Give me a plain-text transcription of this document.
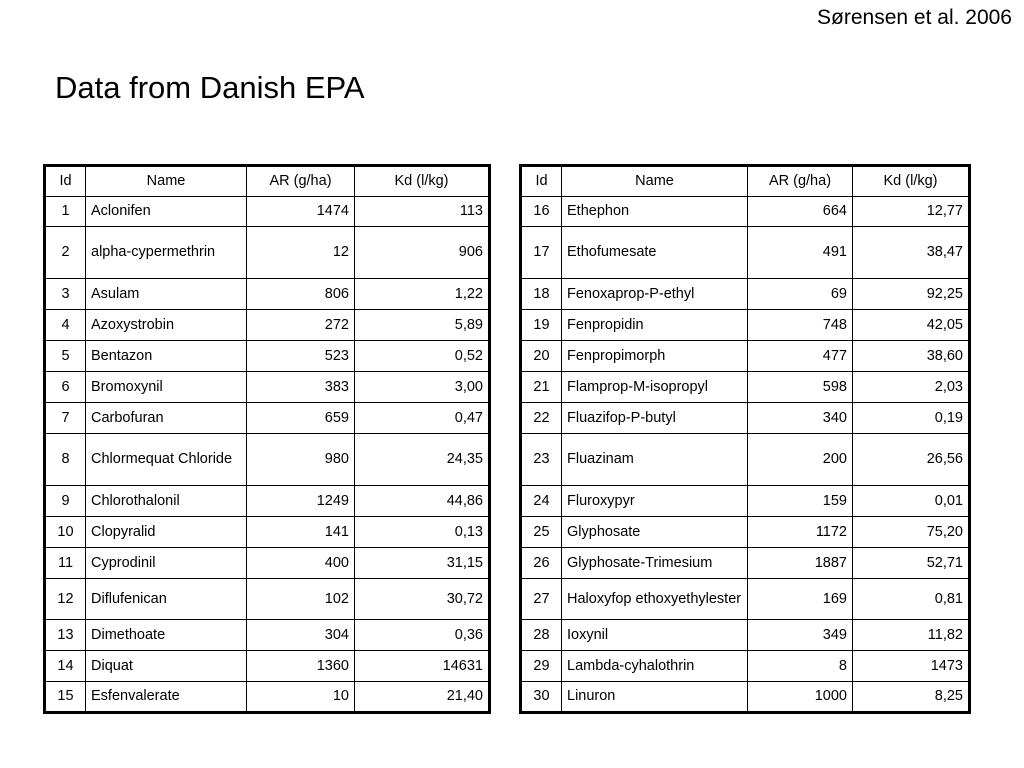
Sørensen et al. 2006
Data from Danish EPA
Id	Name	AR (g/ha)	Kd (l/kg)
1	Aclonifen	1474	113
2	alpha-cypermethrin	12	906
3	Asulam	806	1,22
4	Azoxystrobin	272	5,89
5	Bentazon	523	0,52
6	Bromoxynil	383	3,00
7	Carbofuran	659	0,47
8	Chlormequat Chloride	980	24,35
9	Chlorothalonil	1249	44,86
10	Clopyralid	141	0,13
11	Cyprodinil	400	31,15
12	Diflufenican	102	30,72
13	Dimethoate	304	0,36
14	Diquat	1360	14631
15	Esfenvalerate	10	21,40
Id	Name	AR (g/ha)	Kd (l/kg)
16	Ethephon	664	12,77
17	Ethofumesate	491	38,47
18	Fenoxaprop-P-ethyl	69	92,25
19	Fenpropidin	748	42,05
20	Fenpropimorph	477	38,60
21	Flamprop-M-isopropyl	598	2,03
22	Fluazifop-P-butyl	340	0,19
23	Fluazinam	200	26,56
24	Fluroxypyr	159	0,01
25	Glyphosate	1172	75,20
26	Glyphosate-Trimesium	1887	52,71
27	Haloxyfop ethoxyethylester	169	0,81
28	Ioxynil	349	11,82
29	Lambda-cyhalothrin	8	1473
30	Linuron	1000	8,25
